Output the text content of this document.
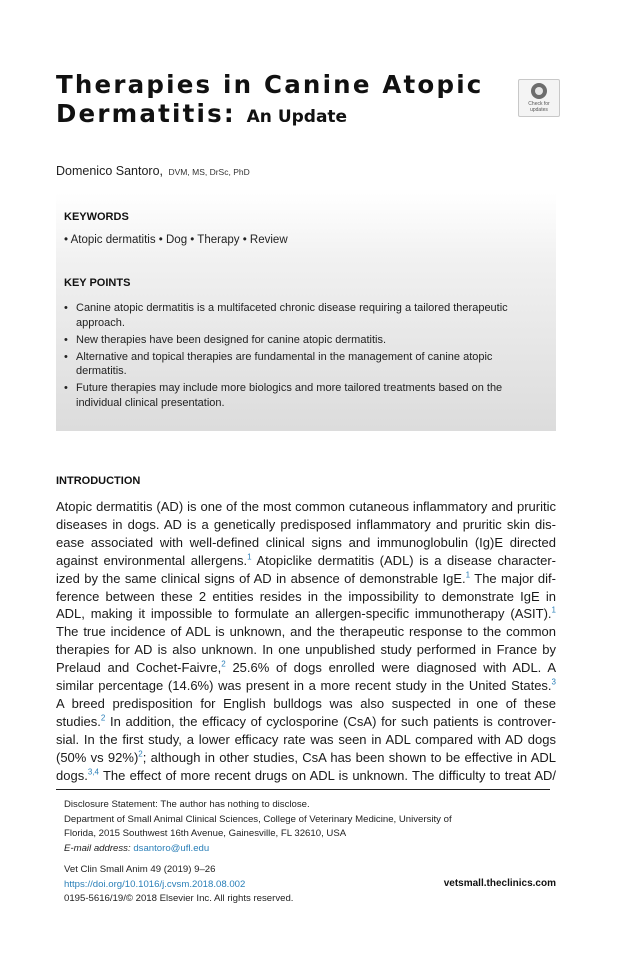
Therapies in Canine Atopic
Dermatitis: An Update
Check for
updates
Domenico Santoro, DVM, MS, DrSc, PhD
KEYWORDS
• Atopic dermatitis • Dog • Therapy • Review
KEY POINTS
• Canine atopic dermatitis is a multifaceted chronic disease requiring a tailored therapeutic
approach.
• New therapies have been designed for canine atopic dermatitis.
• Alternative and topical therapies are fundamental in the management of canine atopic
dermatitis.
• Future therapies may include more biologics and more tailored treatments based on the
individual clinical presentation.
INTRODUCTION
Atopic dermatitis (AD) is one of the most common cutaneous inflammatory and pruritic
diseases in dogs. AD is a genetically predisposed inflammatory and pruritic skin dis-
ease associated with well-defined clinical signs and immunoglobulin (Ig)E directed
against environmental allergens.$^1$ Atopiclike dermatitis (ADL) is a disease character-
ized by the same clinical signs of AD in absence of demonstrable IgE.$^1$ The major dif-
ference between these 2 entities resides in the impossibility to demonstrate IgE in
ADL, making it impossible to formulate an allergen-specific immunotherapy (ASIT).$^1$
The true incidence of ADL is unknown, and the therapeutic response to the common
therapies for AD is also unknown. In one unpublished study performed in France by
Prelaud and Cochet-Faivre,$^2$ 25.6% of dogs enrolled were diagnosed with ADL. A
similar percentage (14.6%) was present in a more recent study in the United States.$^3$
A breed predisposition for English bulldogs was also suspected in one of these
studies.$^2$ In addition, the efficacy of cyclosporine (CsA) for such patients is controver-
sial. In the first study, a lower efficacy rate was seen in ADL compared with AD dogs
(50% vs 92%)$^2$; although in other studies, CsA has been shown to be effective in ADL
dogs.$^{3,4}$ The effect of more recent drugs on ADL is unknown. The difficulty to treat AD/
Disclosure Statement: The author has nothing to disclose.
Department of Small Animal Clinical Sciences, College of Veterinary Medicine, University of
Florida, 2015 Southwest 16th Avenue, Gainesville, FL 32610, USA
E-mail address: dsantoro@ufl.edu
Vet Clin Small Anim 49 (2019) 9–26
https://doi.org/10.1016/j.cvsm.2018.08.002
0195-5616/19/© 2018 Elsevier Inc. All rights reserved.
vetsmall.theclinics.com
